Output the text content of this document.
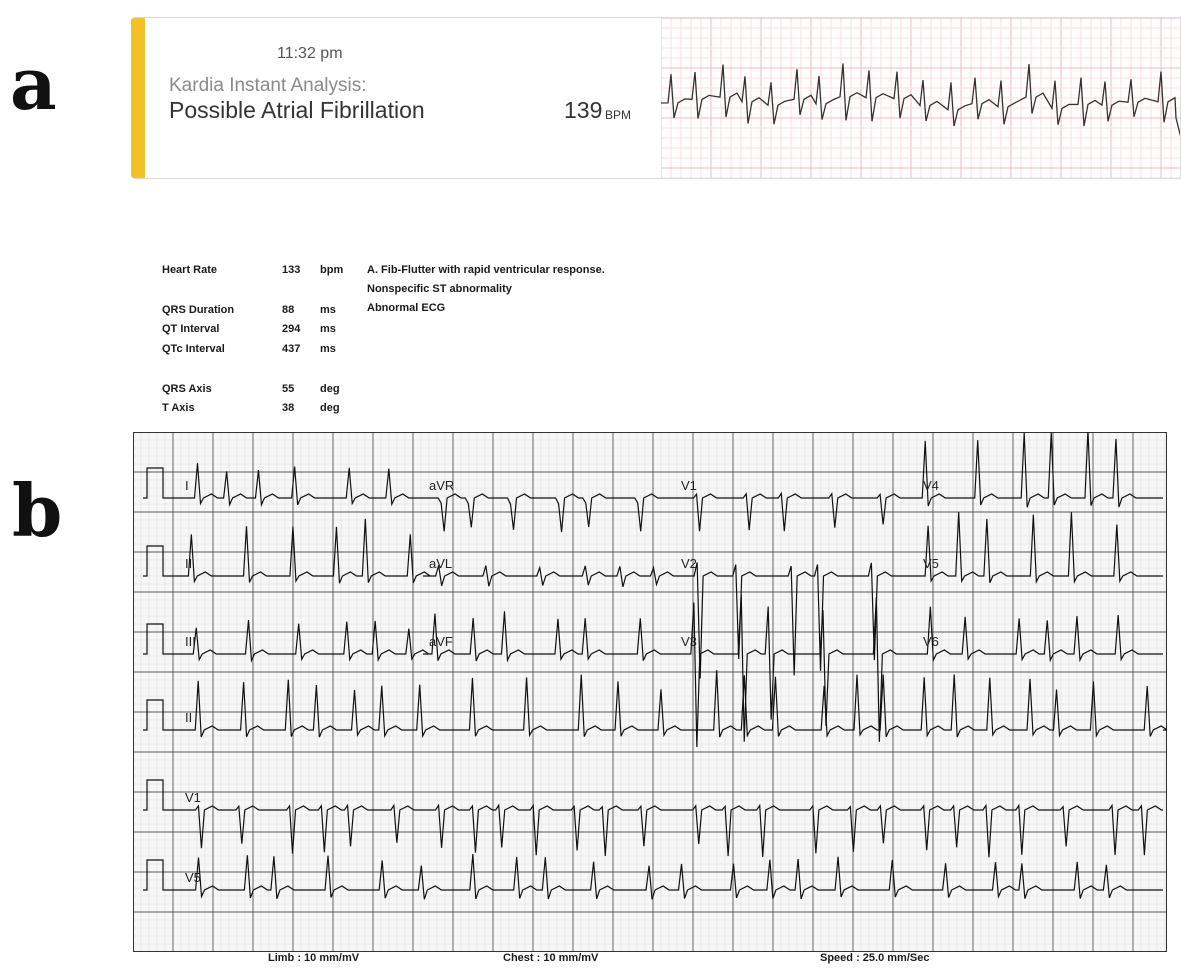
a
b
11:32 pm
Kardia Instant Analysis:
Possible Atrial Fibrillation	139 BPM
Heart Rate	133 bpm
QRS Duration	88 ms
QT Interval	294 ms
QTc Interval	437 ms
QRS Axis	55 deg
T Axis	38 deg
A. Fib-Flutter with rapid ventricular response.
Nonspecific ST abnormality
Abnormal ECG
I	aVR	V1	V4
II	aVL	V2	V5
III	aVF	V3	V6
II
V1
V5
Limb : 10 mm/mV	Chest : 10 mm/mV	Speed : 25.0 mm/Sec
